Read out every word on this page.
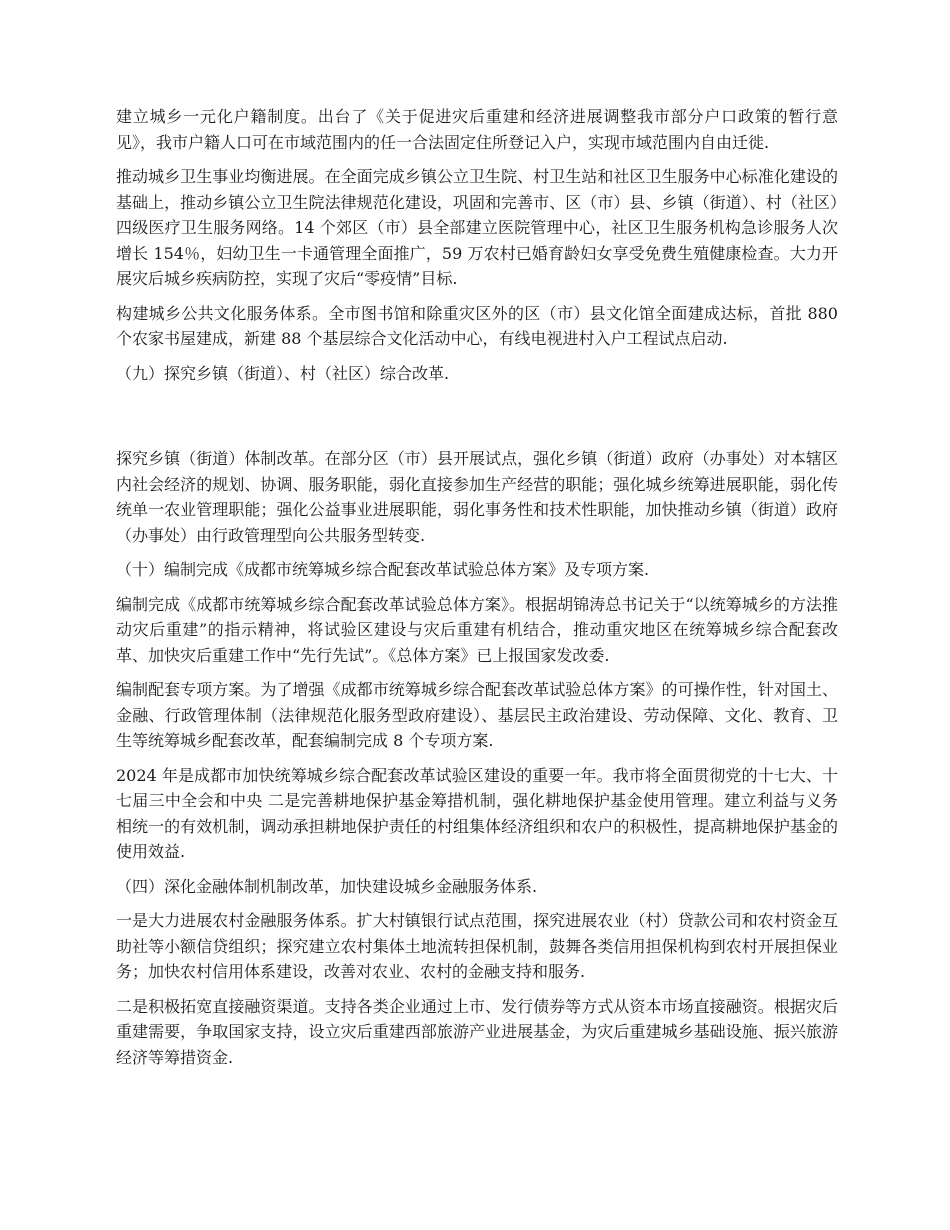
建立城乡一元化户籍制度。出台了《关于促进灾后重建和经济进展调整我市部分户口政策的暂行意见》，我市户籍人口可在市域范围内的任一合法固定住所登记入户，实现市域范围内自由迁徙.

推动城乡卫生事业均衡进展。在全面完成乡镇公立卫生院、村卫生站和社区卫生服务中心标准化建设的基础上，推动乡镇公立卫生院法律规范化建设，巩固和完善市、区（市）县、乡镇（街道）、村（社区）四级医疗卫生服务网络。14 个郊区（市）县全部建立医院管理中心，社区卫生服务机构急诊服务人次增长 154％，妇幼卫生一卡通管理全面推广，59 万农村已婚育龄妇女享受免费生殖健康检查。大力开展灾后城乡疾病防控，实现了灾后“零疫情”目标.

构建城乡公共文化服务体系。全市图书馆和除重灾区外的区（市）县文化馆全面建成达标，首批 880 个农家书屋建成，新建 88 个基层综合文化活动中心，有线电视进村入户工程试点启动.

（九）探究乡镇（街道）、村（社区）综合改革.

探究乡镇（街道）体制改革。在部分区（市）县开展试点，强化乡镇（街道）政府（办事处）对本辖区内社会经济的规划、协调、服务职能，弱化直接参加生产经营的职能；强化城乡统筹进展职能，弱化传统单一农业管理职能；强化公益事业进展职能，弱化事务性和技术性职能，加快推动乡镇（街道）政府（办事处）由行政管理型向公共服务型转变.

（十）编制完成《成都市统筹城乡综合配套改革试验总体方案》及专项方案.

编制完成《成都市统筹城乡综合配套改革试验总体方案》。根据胡锦涛总书记关于“以统筹城乡的方法推动灾后重建”的指示精神，将试验区建设与灾后重建有机结合，推动重灾地区在统筹城乡综合配套改革、加快灾后重建工作中“先行先试”。《总体方案》已上报国家发改委.

编制配套专项方案。为了增强《成都市统筹城乡综合配套改革试验总体方案》的可操作性，针对国土、金融、行政管理体制（法律规范化服务型政府建设）、基层民主政治建设、劳动保障、文化、教育、卫生等统筹城乡配套改革，配套编制完成 8 个专项方案.

2024 年是成都市加快统筹城乡综合配套改革试验区建设的重要一年。我市将全面贯彻党的十七大、十七届三中全会和中央 二是完善耕地保护基金筹措机制，强化耕地保护基金使用管理。建立利益与义务相统一的有效机制，调动承担耕地保护责任的村组集体经济组织和农户的积极性，提高耕地保护基金的使用效益.

（四）深化金融体制机制改革，加快建设城乡金融服务体系.

一是大力进展农村金融服务体系。扩大村镇银行试点范围，探究进展农业（村）贷款公司和农村资金互助社等小额信贷组织；探究建立农村集体土地流转担保机制，鼓舞各类信用担保机构到农村开展担保业务；加快农村信用体系建设，改善对农业、农村的金融支持和服务.

二是积极拓宽直接融资渠道。支持各类企业通过上市、发行债券等方式从资本市场直接融资。根据灾后重建需要，争取国家支持，设立灾后重建西部旅游产业进展基金，为灾后重建城乡基础设施、振兴旅游经济等筹措资金.
